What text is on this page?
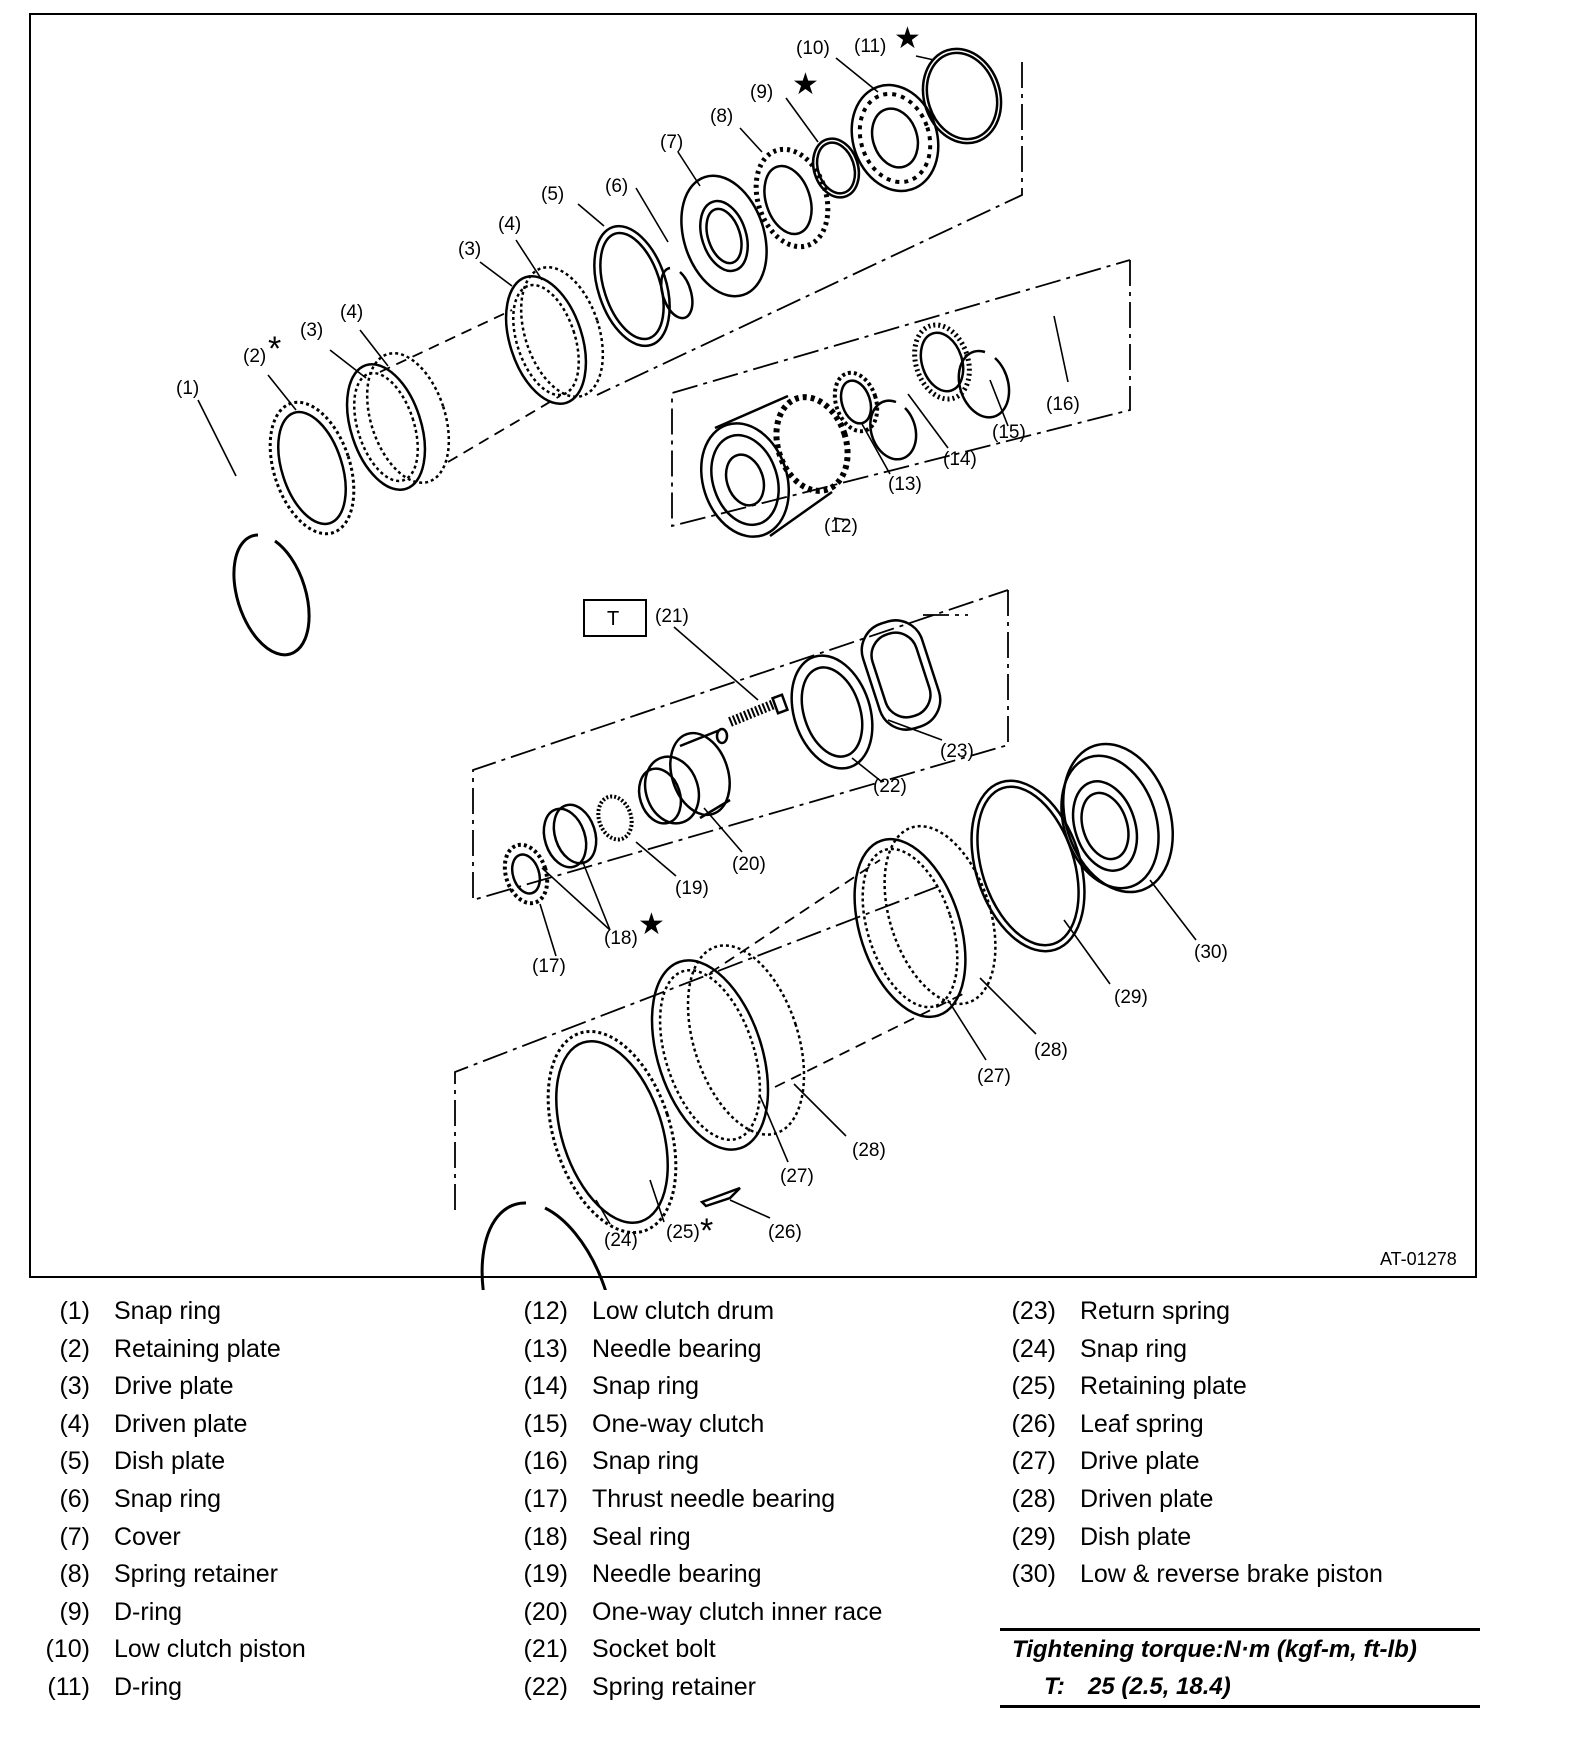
★
★
★
*
*
T
(1)
(2)
(3)
(4)
(3)
(4)
(5) (6)
(7)
(8)
(9)
(10) (11)
(12)
(13)
(14)
(15)
(16)
(17)
(18)
(19)
(20)
(21)
(22)
(23)
(24) (25)	(26)
(27)
(28)
(27)
(28)
(29)
(30)
AT-01278
(1) Snap ring
(2) Retaining plate
(3) Drive plate
(4) Driven plate
(5) Dish plate
(6) Snap ring
(7) Cover
(8) Spring retainer
(9) D-ring
(10) Low clutch piston
(11) D-ring
(12) Low clutch drum
(13) Needle bearing
(14) Snap ring
(15) One-way clutch
(16) Snap ring
(17) Thrust needle bearing
(18) Seal ring
(19) Needle bearing
(20) One-way clutch inner race
(21) Socket bolt
(22) Spring retainer
(23) Return spring
(24) Snap ring
(25) Retaining plate
(26) Leaf spring
(27) Drive plate
(28) Driven plate
(29) Dish plate
(30) Low & reverse brake piston
Tightening torque:N·m (kgf-m, ft-lb)
T: 25 (2.5, 18.4)
